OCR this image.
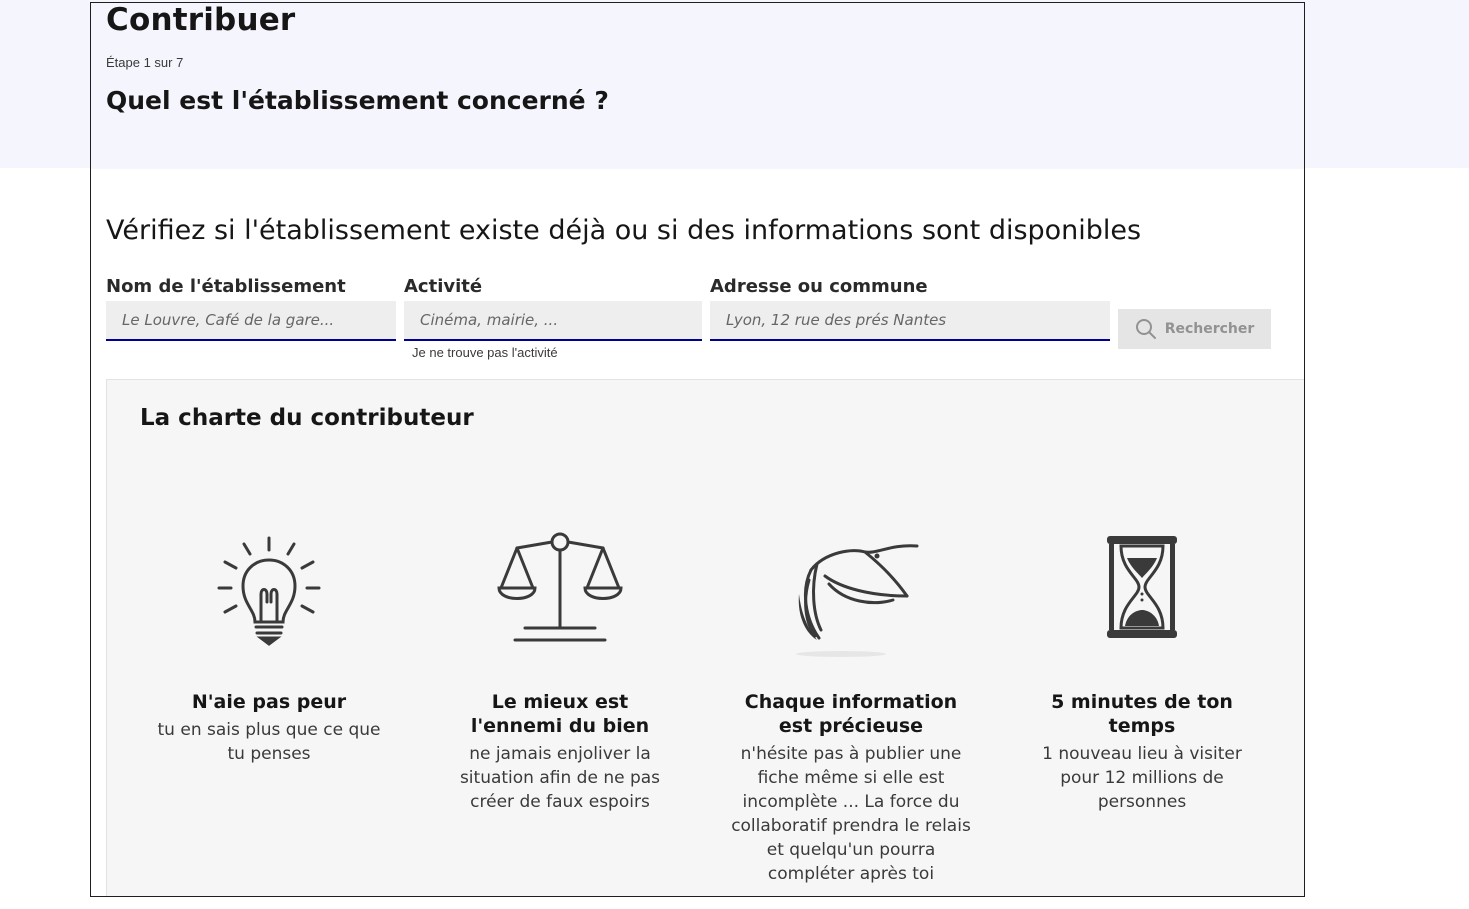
Contribuer
Étape 1 sur 7
Quel est l'établissement concerné ?
Vérifiez si l'établissement existe déjà ou si des informations sont disponibles
Nom de l'établissement
Le Louvre, Café de la gare...	Activité
Cinéma, mairie, ...
Je ne trouve pas l'activité
Adresse ou commune
Lyon, 12 rue des prés Nantes
Rechercher
La charte du contributeur
N'aie pas peur

tu en sais plus que ce que tu penses

Le mieux est l'ennemi du bien

ne jamais enjoliver la situation afin de ne pas créer de faux espoirs

Chaque information est précieuse

n'hésite pas à publier une fiche même si elle est incomplète ... La force du collaboratif prendra le relais et quelqu'un pourra compléter après toi

5 minutes de ton temps

1 nouveau lieu à visiter pour 12 millions de personnes
